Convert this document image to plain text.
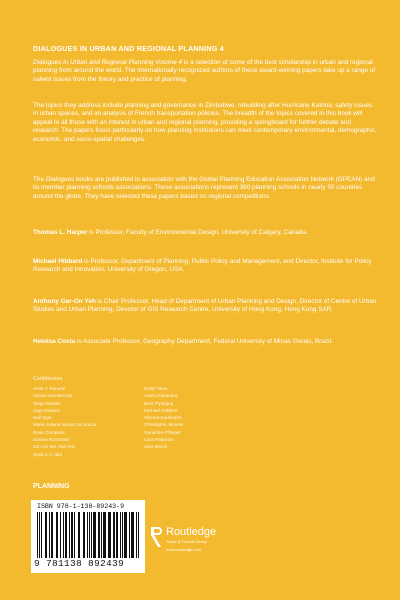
DIALOGUES IN URBAN AND REGIONAL PLANNING 4
Dialogues in Urban and Regional Planning Volume 4 is a selection of some of the best scholarship in urban and regional planning from around the world. The internationally recognized authors of these award-winning papers take up a range of salient issues from the theory and practice of planning.
The topics they address include planning and governance in Zimbabwe, rebuilding after Hurricane Katrina, safety issues in urban spaces, and an analysis of French transportation policies. The breadth of the topics covered in this book will appeal to all those with an interest in urban and regional planning, providing a springboard for further debate and research. The papers focus particularly on how planning institutions can meet contemporary environmental, demographic, economic, and socio-spatial challenges.
The Dialogues books are published in association with the Global Planning Education Association Network (GPEAN) and its member planning schools associations. These associations represent 360 planning schools in nearly 50 countries around the globe. They have selected these papers based on regional competitions.
Thomas L. Harper is Professor, Faculty of Environmental Design, University of Calgary, Canada.
Michael Hibbard is Professor, Department of Planning, Public Policy and Management, and Director, Institute for Policy Research and Innovation, University of Oregon, USA.
Anthony Gar-On Yeh is Chair Professor, Head of Department of Urban Planning and Design, Director of Centre of Urban Studies and Urban Planning, Director of GIS Research Centre, University of Hong Kong, Hong Kong SAR.
Heloisa Costa is Associate Professor, Geography Department, Federal University of Minas Gerais, Brazil.
Contributors
Amin Y. Kamete
Leonie Sandercock
Tanja Winkler
Jago Dodson
Neil Sipe
Maria Juliana Nunes De Souza
Rose Compans
Samira Ramezani
Zul Azri Bin Abd Aziz
Syed Z.A. Idid
Emily Talen
Arturo Almandoz
Bent Flyvbjerg
Michael Hebbert
Vincent Kaufmann
Christophe Jemelin
Géraldine Pflieger
Luca Pattaroni
Alan March
PLANNING
ISBN 978-1-138-89243-9
9 781138 892439
Routledge
Taylor & Francis Group
www.routledge.com
